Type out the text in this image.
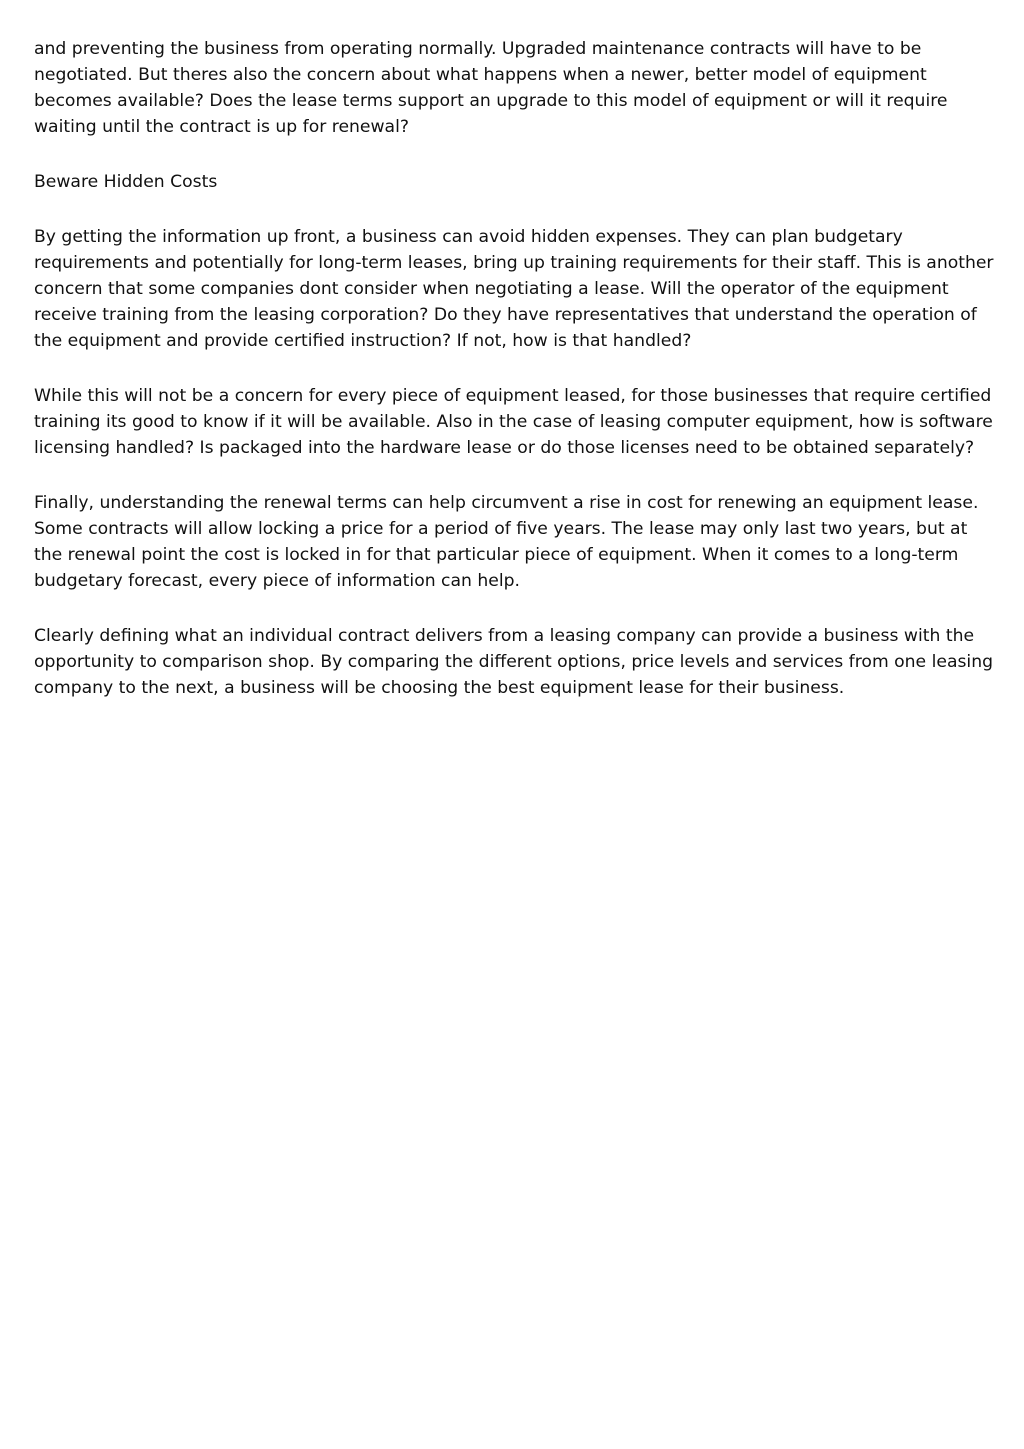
and preventing the business from operating normally. Upgraded maintenance contracts will have to be negotiated. But theres also the concern about what happens when a newer, better model of equipment becomes available? Does the lease terms support an upgrade to this model of equipment or will it require waiting until the contract is up for renewal?

Beware Hidden Costs

By getting the information up front, a business can avoid hidden expenses. They can plan budgetary requirements and potentially for long-term leases, bring up training requirements for their staff. This is another concern that some companies dont consider when negotiating a lease. Will the operator of the equipment receive training from the leasing corporation? Do they have representatives that understand the operation of the equipment and provide certified instruction? If not, how is that handled?

While this will not be a concern for every piece of equipment leased, for those businesses that require certified training its good to know if it will be available. Also in the case of leasing computer equipment, how is software licensing handled? Is packaged into the hardware lease or do those licenses need to be obtained separately?

Finally, understanding the renewal terms can help circumvent a rise in cost for renewing an equipment lease. Some contracts will allow locking a price for a period of five years. The lease may only last two years, but at the renewal point the cost is locked in for that particular piece of equipment. When it comes to a long-term budgetary forecast, every piece of information can help.

Clearly defining what an individual contract delivers from a leasing company can provide a business with the opportunity to comparison shop. By comparing the different options, price levels and services from one leasing company to the next, a business will be choosing the best equipment lease for their business.
